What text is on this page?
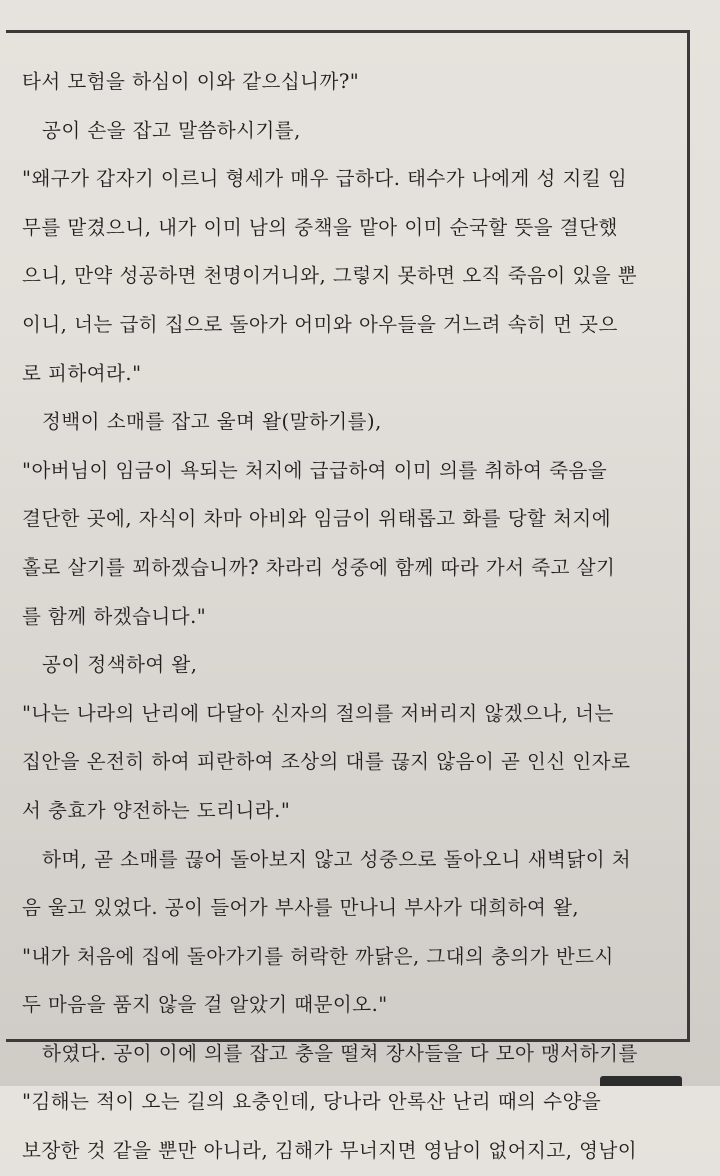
타서 모험을 하심이 이와 같으십니까?"
공이 손을 잡고 말씀하시기를,
"왜구가 갑자기 이르니 형세가 매우 급하다. 태수가 나에게 성 지킬 임
무를 맡겼으니, 내가 이미 남의 중책을 맡아 이미 순국할 뜻을 결단했
으니, 만약 성공하면 천명이거니와, 그렇지 못하면 오직 죽음이 있을 뿐
이니, 너는 급히 집으로 돌아가 어미와 아우들을 거느려 속히 먼 곳으
로 피하여라."
정백이 소매를 잡고 울며 왈(말하기를),
"아버님이 임금이 욕되는 처지에 급급하여 이미 의를 취하여 죽음을
결단한 곳에, 자식이 차마 아비와 임금이 위태롭고 화를 당할 처지에
홀로 살기를 꾀하겠습니까? 차라리 성중에 함께 따라 가서 죽고 살기
를 함께 하겠습니다."
공이 정색하여 왈,
"나는 나라의 난리에 다달아 신자의 절의를 저버리지 않겠으나, 너는
집안을 온전히 하여 피란하여 조상의 대를 끊지 않음이 곧 인신 인자로
서 충효가 양전하는 도리니라."
하며, 곧 소매를 끊어 돌아보지 않고 성중으로 돌아오니 새벽닭이 처
음 울고 있었다. 공이 들어가 부사를 만나니 부사가 대희하여 왈,
"내가 처음에 집에 돌아가기를 허락한 까닭은, 그대의 충의가 반드시
두 마음을 품지 않을 걸 알았기 때문이오."
하였다. 공이 이에 의를 잡고 충을 떨쳐 장사들을 다 모아 맹서하기를
"김해는 적이 오는 길의 요충인데, 당나라 안록산 난리 때의 수양을
보장한 것 같을 뿐만 아니라, 김해가 무너지면 영남이 없어지고, 영남이
